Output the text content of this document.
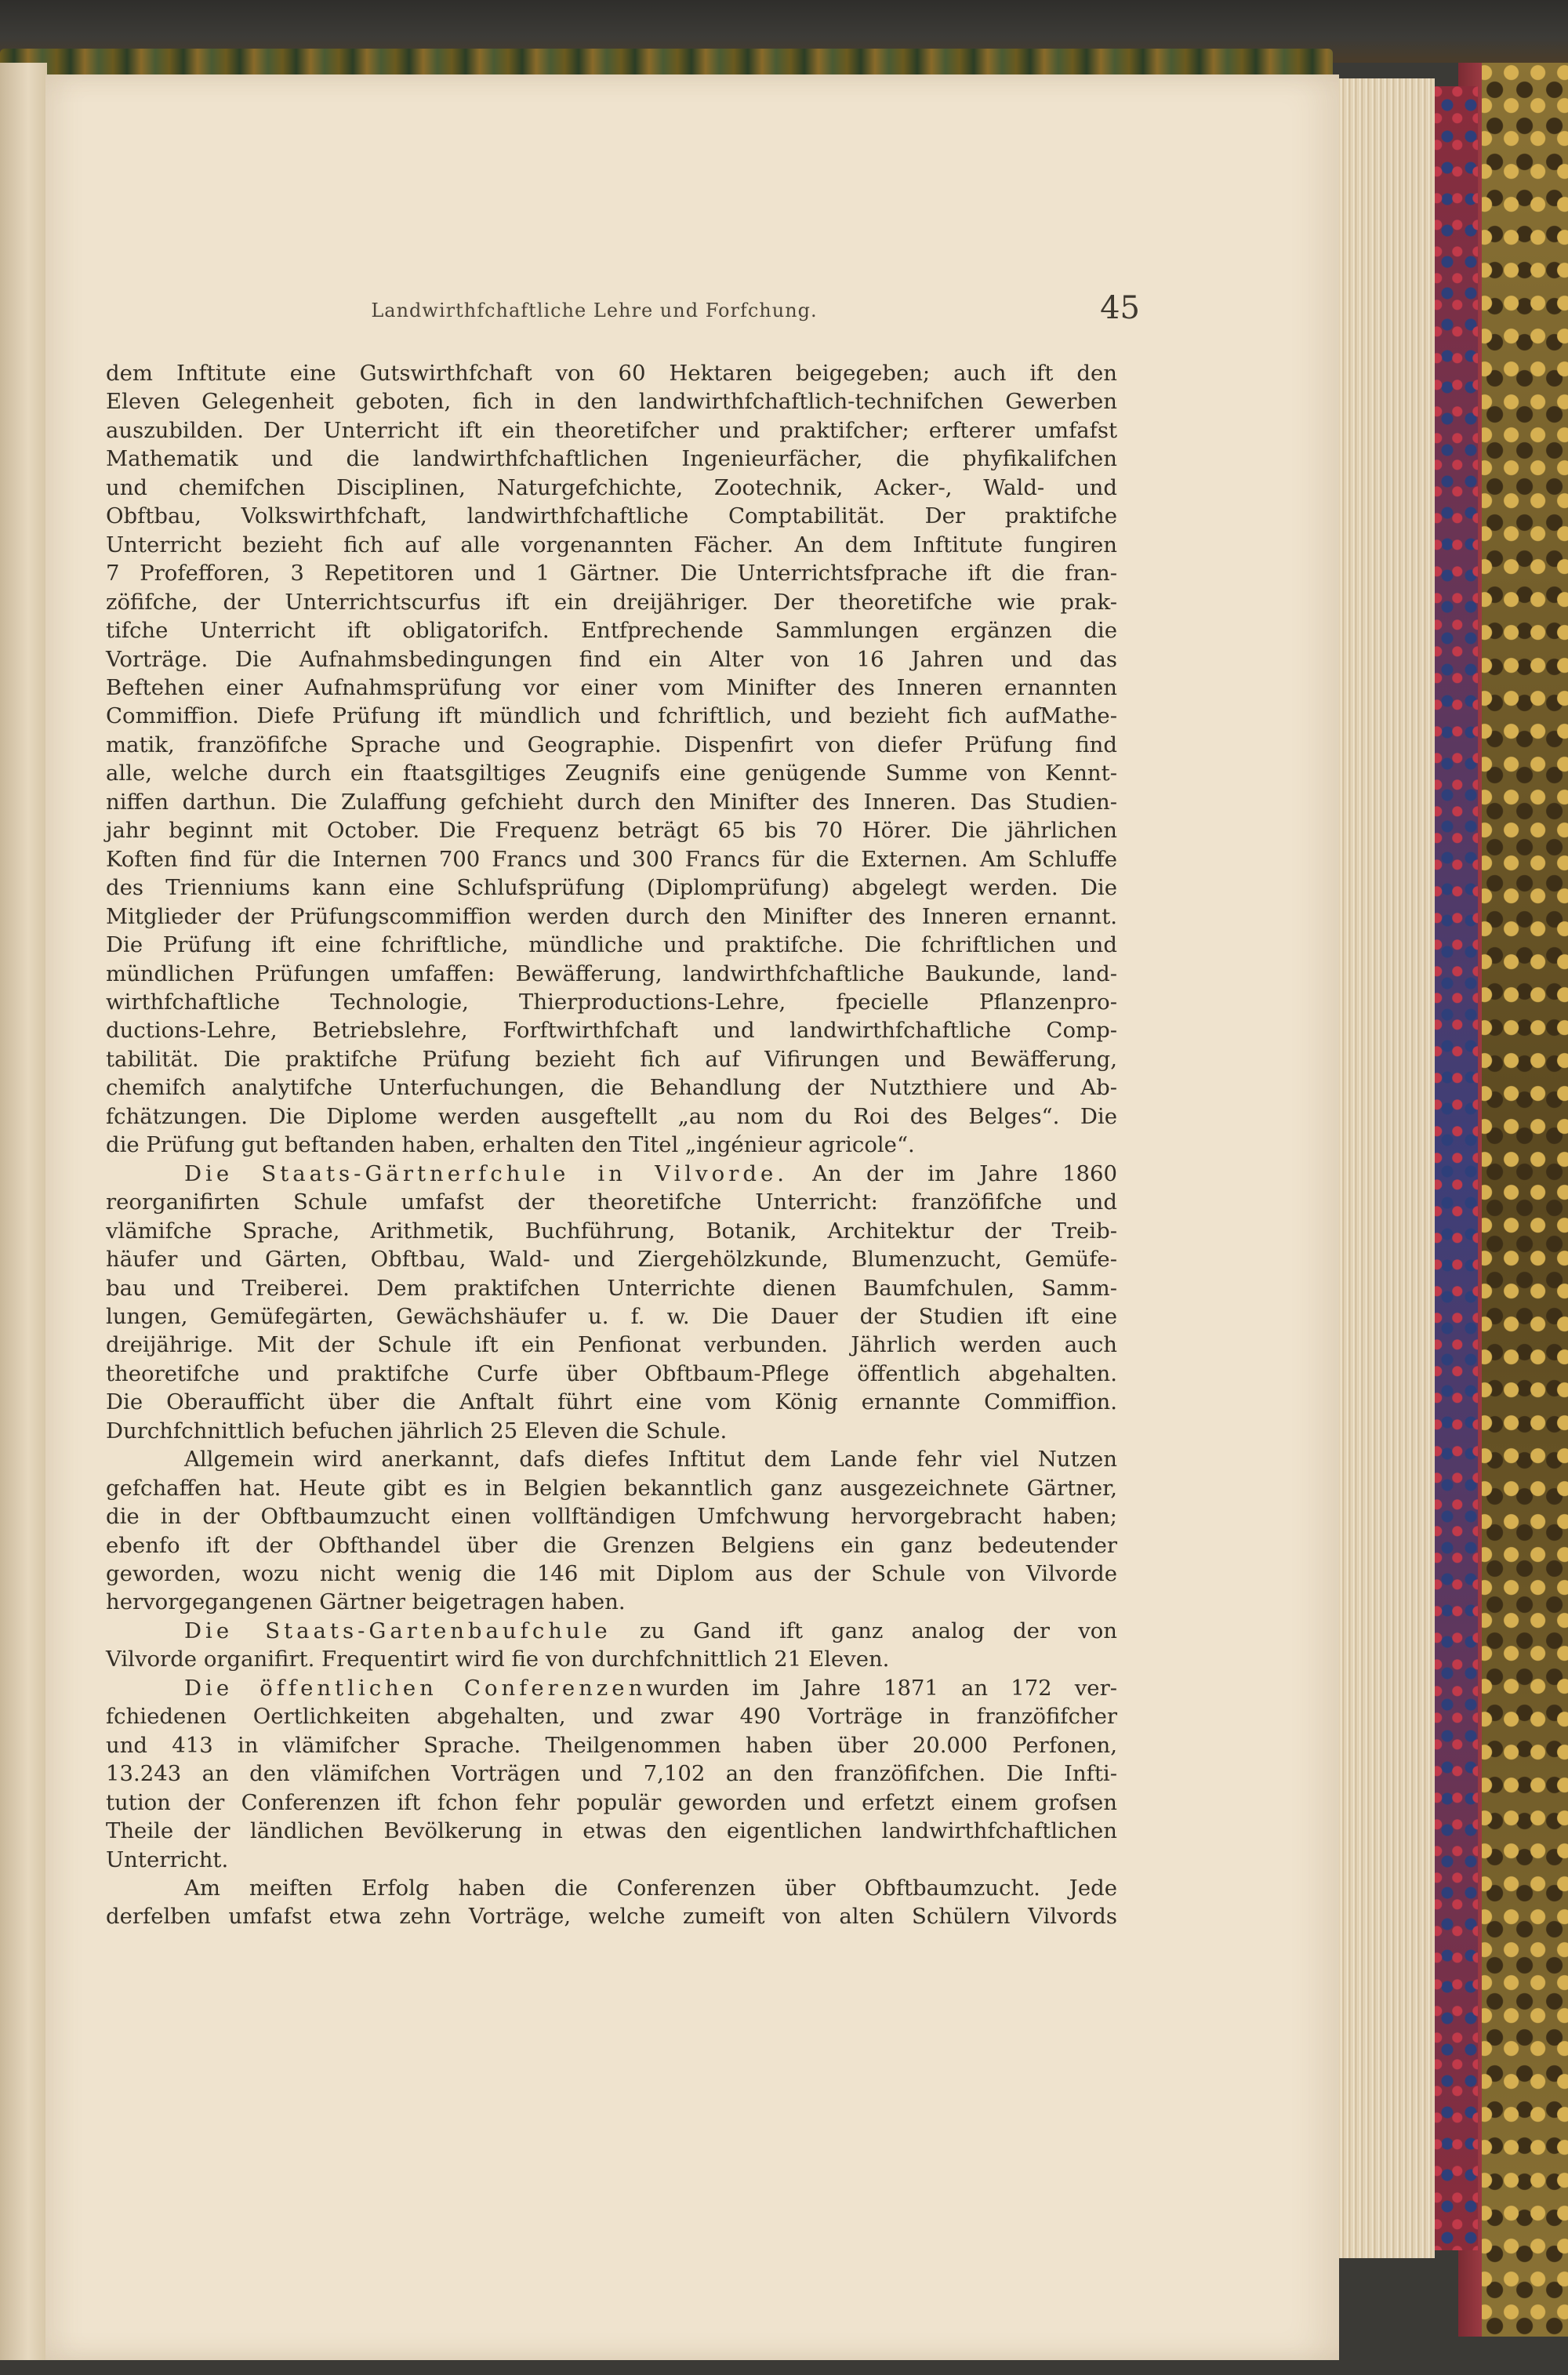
Landwirthfchaftliche Lehre und Forfchung.	45
dem Inftitute eine Gutswirthfchaft von 60 Hektaren beigegeben; auch ift den
Eleven Gelegenheit geboten, fich in den landwirthfchaftlich-technifchen Gewerben
auszubilden. Der Unterricht ift ein theoretifcher und praktifcher; erfterer umfafst
Mathematik und die landwirthfchaftlichen Ingenieurfächer, die phyfikalifchen
und chemifchen Disciplinen, Naturgefchichte, Zootechnik, Acker-, Wald- und
Obftbau, Volkswirthfchaft, landwirthfchaftliche Comptabilität. Der praktifche
Unterricht bezieht fich auf alle vorgenannten Fächer. An dem Inftitute fungiren
7 Profefforen, 3 Repetitoren und 1 Gärtner. Die Unterrichtsfprache ift die fran-
zöfifche, der Unterrichtscurfus ift ein dreijähriger. Der theoretifche wie prak-
tifche Unterricht ift obligatorifch. Entfprechende Sammlungen ergänzen die
Vorträge. Die Aufnahmsbedingungen find ein Alter von 16 Jahren und das
Beftehen einer Aufnahmsprüfung vor einer vom Minifter des Inneren ernannten
Commiffion. Diefe Prüfung ift mündlich und fchriftlich, und bezieht fich aufMathe-
matik, franzöfifche Sprache und Geographie. Dispenfirt von diefer Prüfung find
alle, welche durch ein ftaatsgiltiges Zeugnifs eine genügende Summe von Kennt-
niffen darthun. Die Zulaffung gefchieht durch den Minifter des Inneren. Das Studien-
jahr beginnt mit October. Die Frequenz beträgt 65 bis 70 Hörer. Die jährlichen
Koften find für die Internen 700 Francs und 300 Francs für die Externen. Am Schluffe
des Trienniums kann eine Schlufsprüfung (Diplomprüfung) abgelegt werden. Die
Mitglieder der Prüfungscommiffion werden durch den Minifter des Inneren ernannt.
Die Prüfung ift eine fchriftliche, mündliche und praktifche. Die fchriftlichen und
mündlichen Prüfungen umfaffen: Bewäfferung, landwirthfchaftliche Baukunde, land-
wirthfchaftliche Technologie, Thierproductions-Lehre, fpecielle Pflanzenpro-
ductions-Lehre, Betriebslehre, Forftwirthfchaft und landwirthfchaftliche Comp-
tabilität. Die praktifche Prüfung bezieht fich auf Vifirungen und Bewäfferung,
chemifch analytifche Unterfuchungen, die Behandlung der Nutzthiere und Ab-
fchätzungen. Die Diplome werden ausgeftellt „au nom du Roi des Belges“. Die
die Prüfung gut beftanden haben, erhalten den Titel „ingénieur agricole“.
Die Staats-Gärtnerfchule in Vilvorde. An der im Jahre 1860
reorganifirten Schule umfafst der theoretifche Unterricht: franzöfifche und
vlämifche Sprache, Arithmetik, Buchführung, Botanik, Architektur der Treib-
häufer und Gärten, Obftbau, Wald- und Ziergehölzkunde, Blumenzucht, Gemüfe-
bau und Treiberei. Dem praktifchen Unterrichte dienen Baumfchulen, Samm-
lungen, Gemüfegärten, Gewächshäufer u. f. w. Die Dauer der Studien ift eine
dreijährige. Mit der Schule ift ein Penfionat verbunden. Jährlich werden auch
theoretifche und praktifche Curfe über Obftbaum-Pflege öffentlich abgehalten.
Die Oberauffïcht über die Anftalt führt eine vom König ernannte Commiffion.
Durchfchnittlich befuchen jährlich 25 Eleven die Schule.
Allgemein wird anerkannt, dafs diefes Inftitut dem Lande fehr viel Nutzen
gefchaffen hat. Heute gibt es in Belgien bekanntlich ganz ausgezeichnete Gärtner,
die in der Obftbaumzucht einen vollftändigen Umfchwung hervorgebracht haben;
ebenfo ift der Obfthandel über die Grenzen Belgiens ein ganz bedeutender
geworden, wozu nicht wenig die 146 mit Diplom aus der Schule von Vilvorde
hervorgegangenen Gärtner beigetragen haben.
Die Staats-Gartenbaufchule zu Gand ift ganz analog der von
Vilvorde organifirt. Frequentirt wird fie von durchfchnittlich 21 Eleven.
Die öffentlichen Conferenzenwurden im Jahre 1871 an 172 ver-
fchiedenen Oertlichkeiten abgehalten, und zwar 490 Vorträge in franzöfifcher
und 413 in vlämifcher Sprache. Theilgenommen haben über 20.000 Perfonen,
13.243 an den vlämifchen Vorträgen und 7,102 an den franzöfifchen. Die Infti-
tution der Conferenzen ift fchon fehr populär geworden und erfetzt einem grofsen
Theile der ländlichen Bevölkerung in etwas den eigentlichen landwirthfchaftlichen
Unterricht.
Am meiften Erfolg haben die Conferenzen über Obftbaumzucht. Jede
derfelben umfafst etwa zehn Vorträge, welche zumeift von alten Schülern Vilvords
